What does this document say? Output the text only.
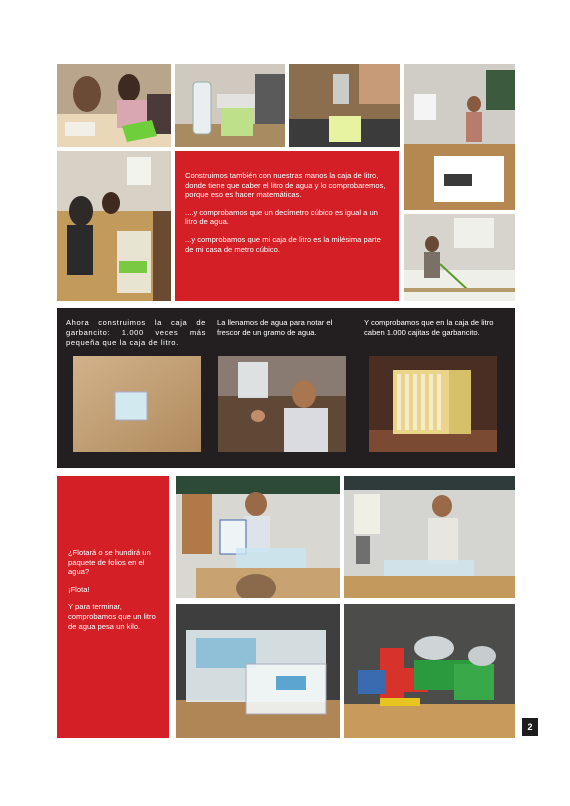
Construimos también con nuestras manos la caja de litro, donde tiene que caber el litro de agua y lo comprobaremos, porque eso es hacer matemáticas.

....y comprobamos que un decímetro cúbico es igual a un litro de agua.

...y comprobamos que mi caja de litro es la milésima parte de mi casa de metro cúbico.

Ahora construimos la caja de garbancito: 1.000 veces más pequeña que la caja de litro.
La llenamos de agua para notar el frescor de un gramo de agua.
Y comprobamos que en la caja de litro caben 1.000 cajitas de garbancito.

¿Flotará o se hundirá un paquete de folios en el agua?

¡Flota!

Y para terminar, comprobamos que un litro de agua pesa un kilo.

2
